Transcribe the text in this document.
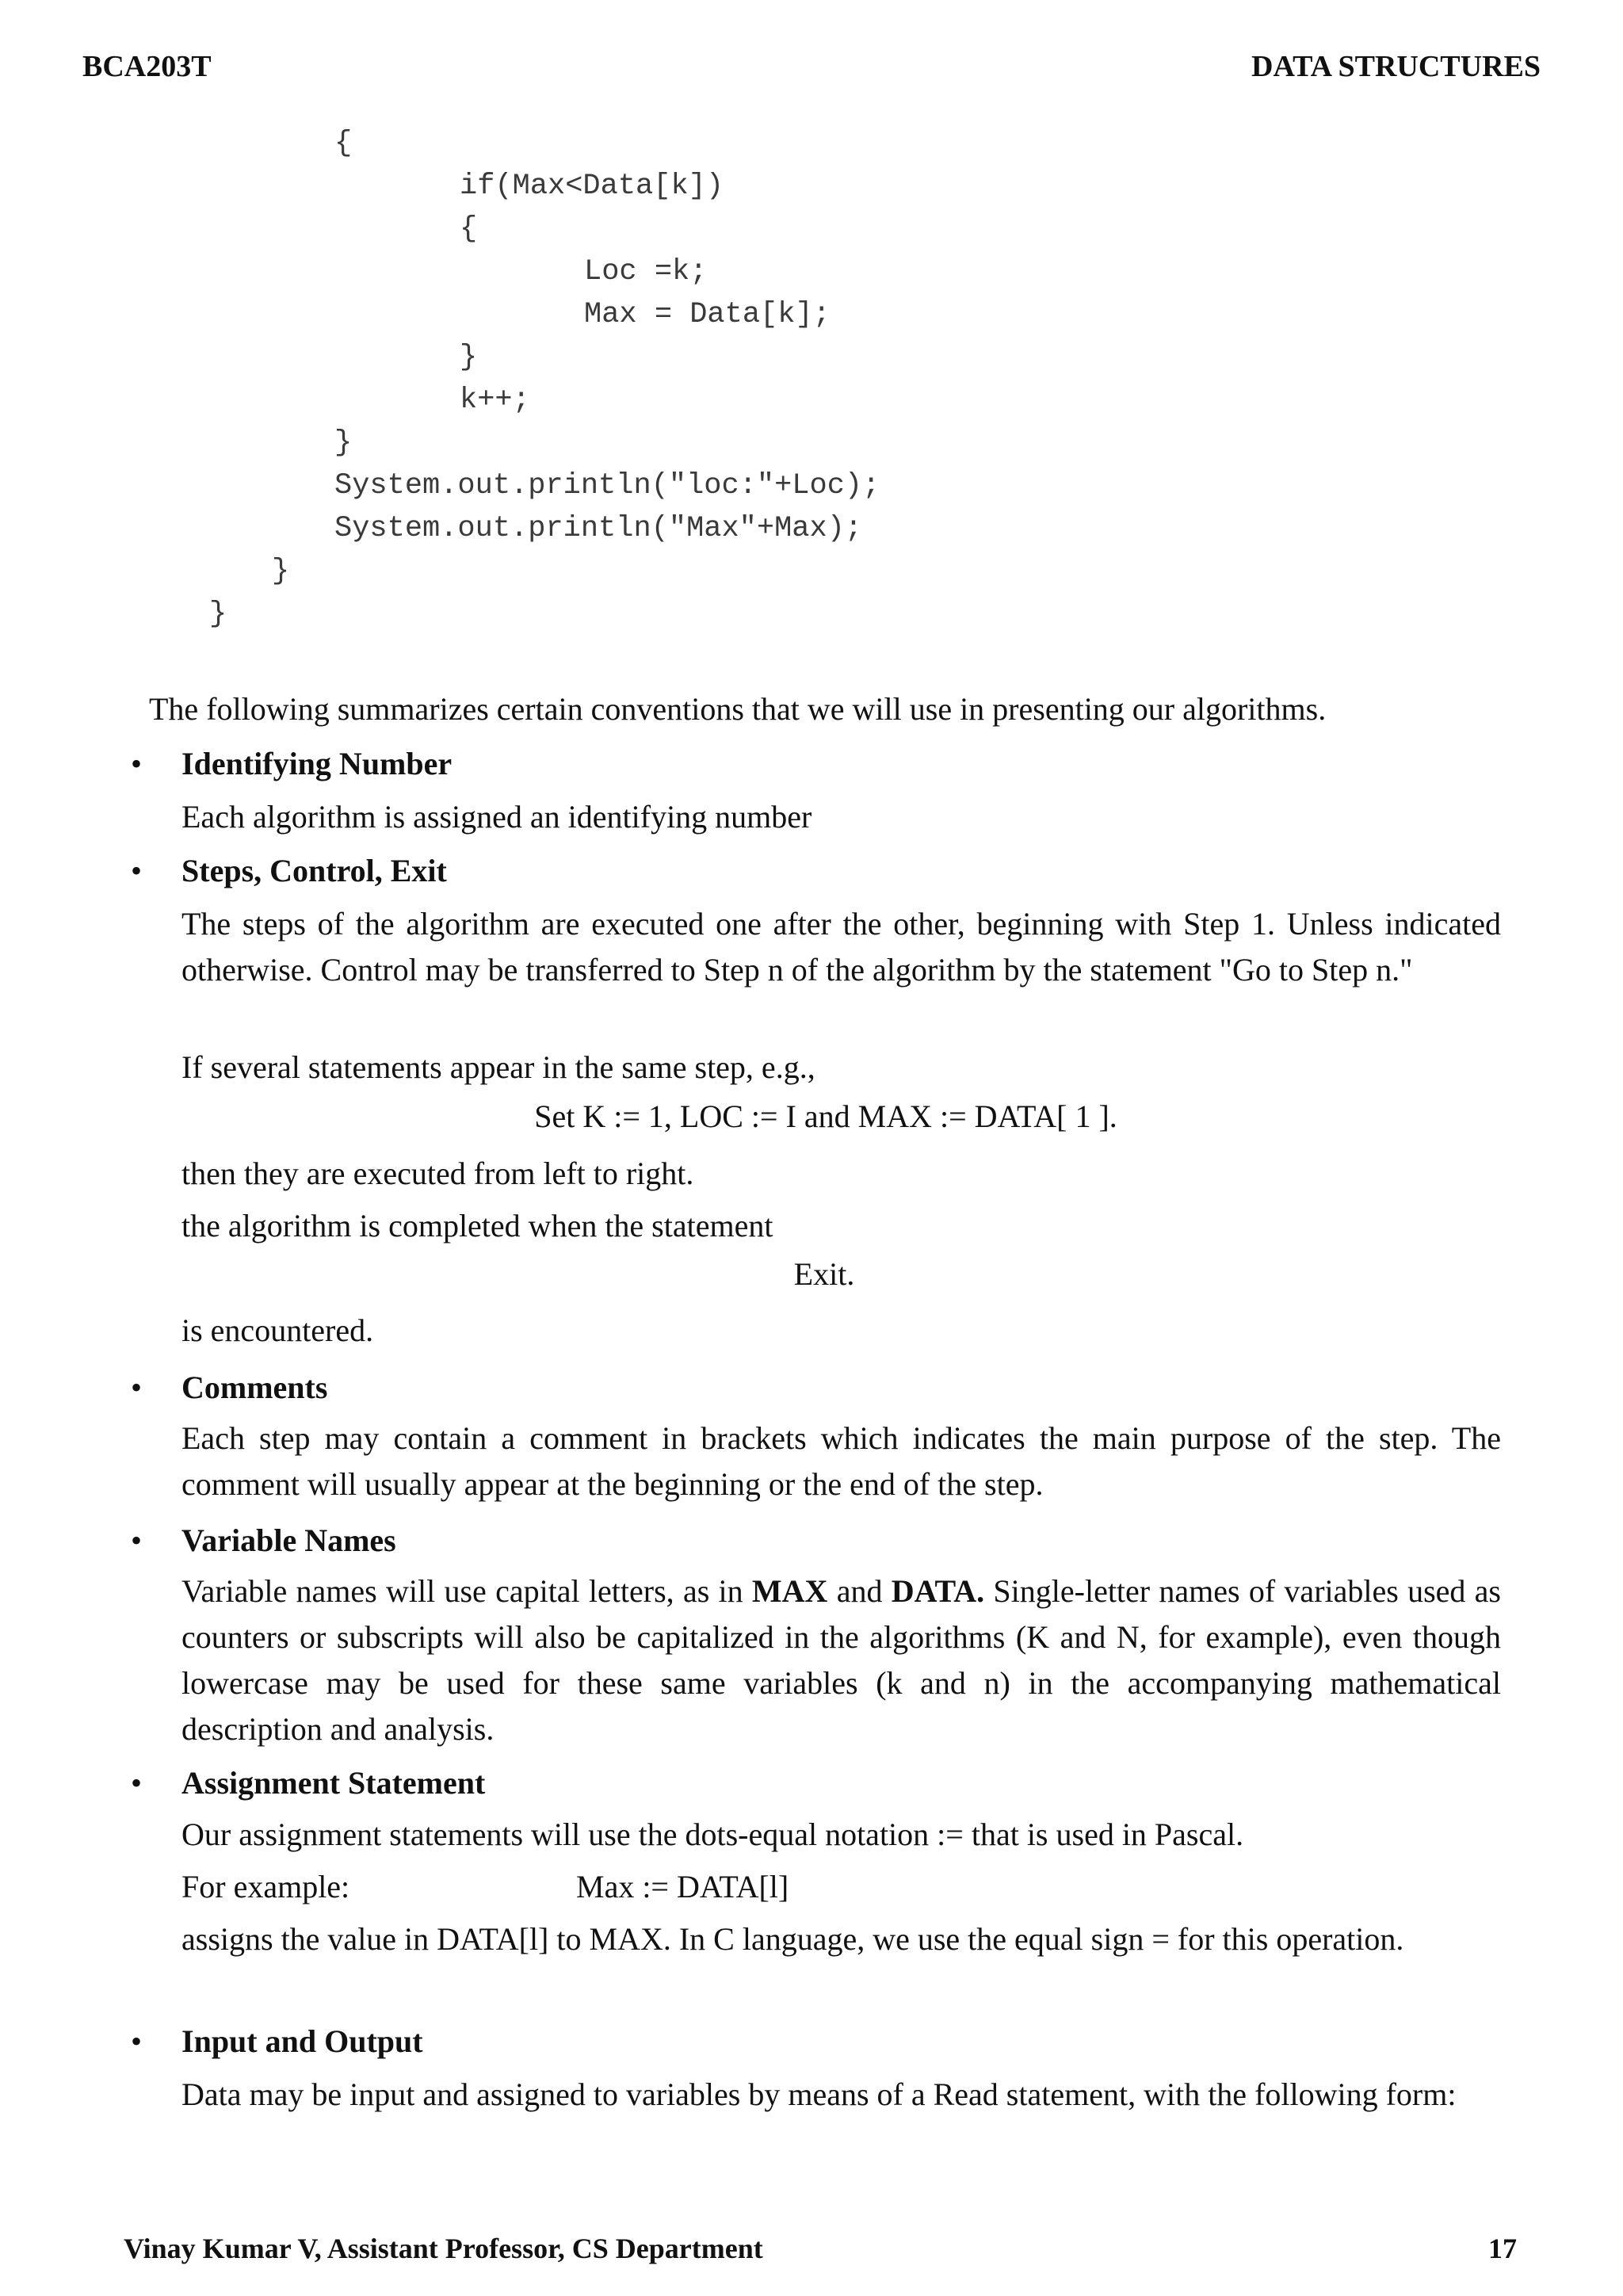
BCA203T	DATA STRUCTURES
{
if(Max<Data[k])
{
Loc =k;
Max = Data[k];
}
k++;
}
System.out.println("loc:"+Loc);
System.out.println("Max"+Max);
}
}
The following summarizes certain conventions that we will use in presenting our algorithms.
• Identifying Number
Each algorithm is assigned an identifying number
• Steps, Control, Exit
The steps of the algorithm are executed one after the other, beginning with Step 1. Unless indicated otherwise. Control may be transferred to Step n of the algorithm by the statement "Go to Step n."
If several statements appear in the same step, e.g.,
Set K := 1, LOC := I and MAX := DATA[ 1 ].
then they are executed from left to right.
the algorithm is completed when the statement
Exit.
is encountered.
• Comments
Each step may contain a comment in brackets which indicates the main purpose of the step. The comment will usually appear at the beginning or the end of the step.
• Variable Names
Variable names will use capital letters, as in MAX and DATA. Single-letter names of variables used as counters or subscripts will also be capitalized in the algorithms (K and N, for example), even though lowercase may be used for these same variables (k and n) in the accompanying mathematical description and analysis.
• Assignment Statement
Our assignment statements will use the dots-equal notation := that is used in Pascal.
For example:	Max := DATA[l]
assigns the value in DATA[l] to MAX. In C language, we use the equal sign = for this operation.
• Input and Output
Data may be input and assigned to variables by means of a Read statement, with the following form:
Vinay Kumar V, Assistant Professor, CS Department	17
